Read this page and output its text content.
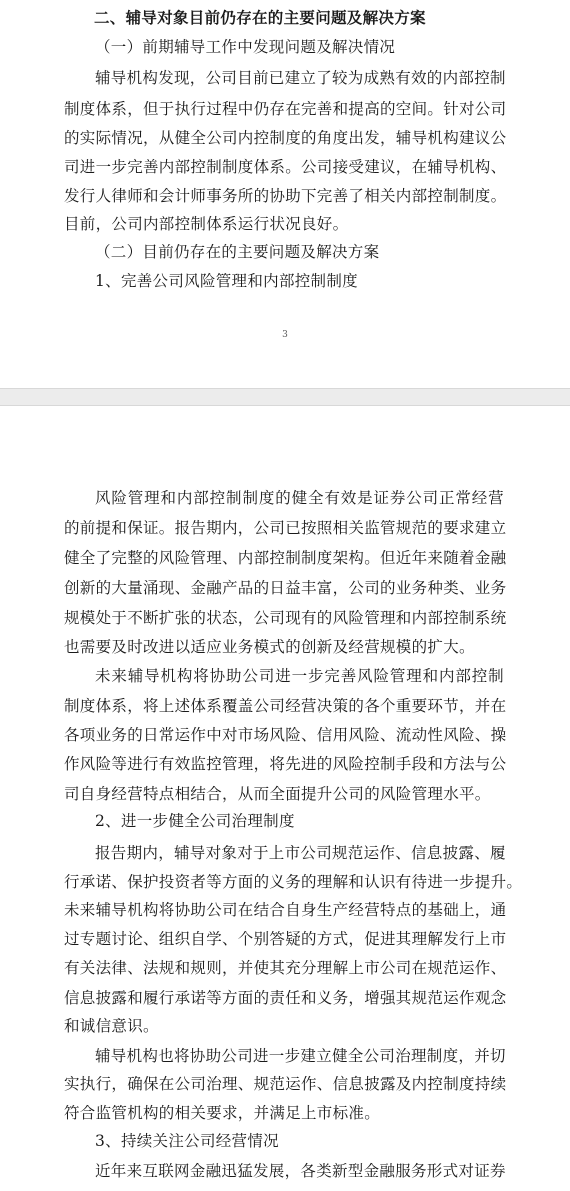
二、辅导对象目前仍存在的主要问题及解决方案
（一）前期辅导工作中发现问题及解决情况
辅导机构发现，公司目前已建立了较为成熟有效的内部控制
制度体系，但于执行过程中仍存在完善和提高的空间。针对公司
的实际情况，从健全公司内控制度的角度出发，辅导机构建议公
司进一步完善内部控制制度体系。公司接受建议，在辅导机构、
发行人律师和会计师事务所的协助下完善了相关内部控制制度。
目前，公司内部控制体系运行状况良好。
（二）目前仍存在的主要问题及解决方案
1、完善公司风险管理和内部控制制度
3
风险管理和内部控制制度的健全有效是证券公司正常经营
的前提和保证。报告期内，公司已按照相关监管规范的要求建立
健全了完整的风险管理、内部控制制度架构。但近年来随着金融
创新的大量涌现、金融产品的日益丰富，公司的业务种类、业务
规模处于不断扩张的状态，公司现有的风险管理和内部控制系统
也需要及时改进以适应业务模式的创新及经营规模的扩大。
未来辅导机构将协助公司进一步完善风险管理和内部控制
制度体系，将上述体系覆盖公司经营决策的各个重要环节，并在
各项业务的日常运作中对市场风险、信用风险、流动性风险、操
作风险等进行有效监控管理，将先进的风险控制手段和方法与公
司自身经营特点相结合，从而全面提升公司的风险管理水平。
2、进一步健全公司治理制度
报告期内，辅导对象对于上市公司规范运作、信息披露、履
行承诺、保护投资者等方面的义务的理解和认识有待进一步提升。
未来辅导机构将协助公司在结合自身生产经营特点的基础上，通
过专题讨论、组织自学、个别答疑的方式，促进其理解发行上市
有关法律、法规和规则，并使其充分理解上市公司在规范运作、
信息披露和履行承诺等方面的责任和义务，增强其规范运作观念
和诚信意识。
辅导机构也将协助公司进一步建立健全公司治理制度，并切
实执行，确保在公司治理、规范运作、信息披露及内控制度持续
符合监管机构的相关要求，并满足上市标准。
3、持续关注公司经营情况
近年来互联网金融迅猛发展，各类新型金融服务形式对证券
